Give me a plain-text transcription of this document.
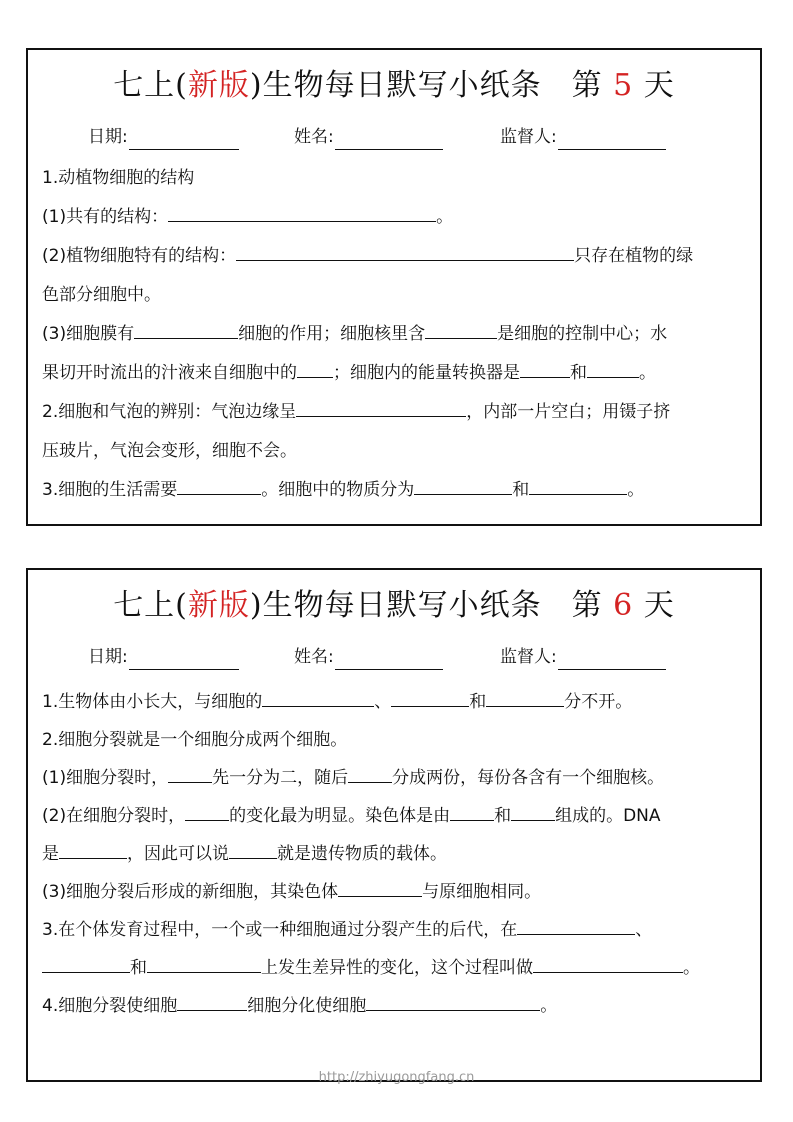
七上(新版)生物每日默写小纸条 第 5 天
日期:	姓名:	监督人:
1.动植物细胞的结构
(1)共有的结构：	。
(2)植物细胞特有的结构：	只存在植物的绿
色部分细胞中。
(3)细胞膜有	细胞的作用；细胞核里含	是细胞的控制中心；水
果切开时流出的汁液来自细胞中的 ；细胞内的能量转换器是	和	。
2.细胞和气泡的辨别：气泡边缘呈	，内部一片空白；用镊子挤
压玻片，气泡会变形，细胞不会。
3.细胞的生活需要	。细胞中的物质分为	和	。
七上(新版)生物每日默写小纸条 第 6 天
日期:	姓名:	监督人:
1.生物体由小长大，与细胞的	、	和	分不开。
2.细胞分裂就是一个细胞分成两个细胞。
(1)细胞分裂时，	先一分为二，随后	分成两份，每份各含有一个细胞核。
(2)在细胞分裂时，	的变化最为明显。染色体是由	和	组成的。DNA
是	，因此可以说	就是遗传物质的载体。
(3)细胞分裂后形成的新细胞，其染色体	与原细胞相同。
3.在个体发育过程中，一个或一种细胞通过分裂产生的后代，在	、
和	上发生差异性的变化，这个过程叫做	。
4.细胞分裂使细胞	细胞分化使细胞	。
http://zhiyugongfang.cn
